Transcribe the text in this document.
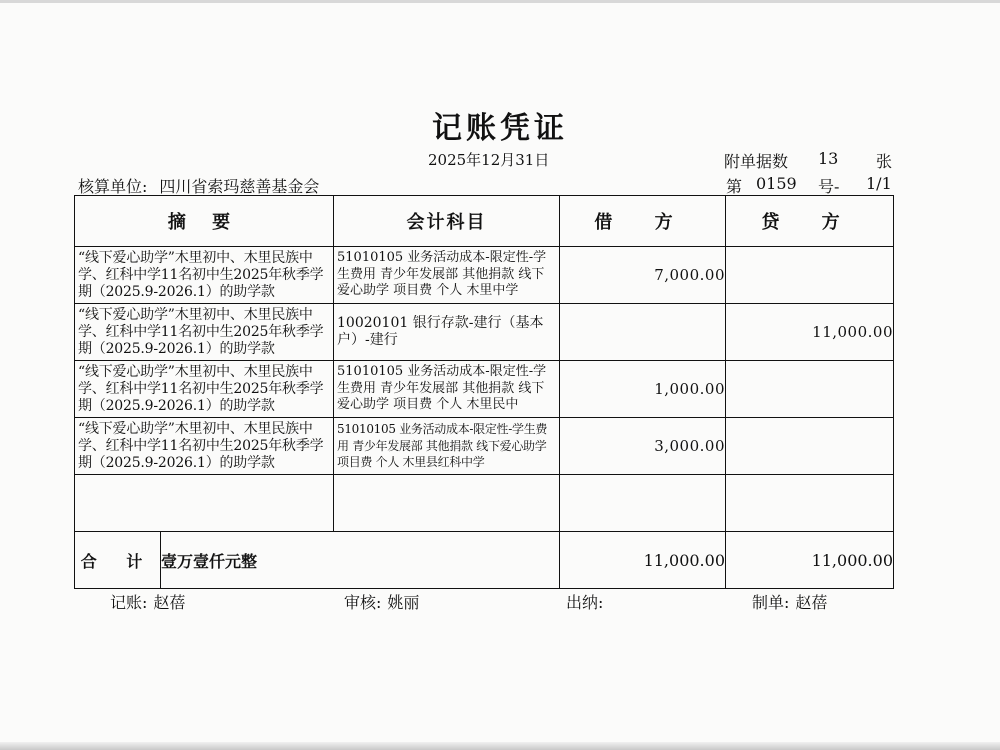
记账凭证
2025年12月31日	附单据数 13 张
核算单位: 四川省索玛慈善基金会	第 0159 号- 1/1
摘 要		会计科目	借 方	贷 方

“线下爱心助学”木里初中、木里民族中学、红科中学11名初中生2025年秋季学期（2025.9-2026.1）的助学款		51010105 业务活动成本-限定性-学生费用 青少年发展部 其他捐款 线下爱心助学 项目费 个人 木里中学	7,000.00	

“线下爱心助学”木里初中、木里民族中学、红科中学11名初中生2025年秋季学期（2025.9-2026.1）的助学款		10020101 银行存款-建行（基本户）-建行		11,000.00

“线下爱心助学”木里初中、木里民族中学、红科中学11名初中生2025年秋季学期（2025.9-2026.1）的助学款		51010105 业务活动成本-限定性-学生费用 青少年发展部 其他捐款 线下爱心助学 项目费 个人 木里民中	1,000.00	

“线下爱心助学”木里初中、木里民族中学、红科中学11名初中生2025年秋季学期（2025.9-2026.1）的助学款		51010105 业务活动成本-限定性-学生费用 青少年发展部 其他捐款 线下爱心助学 项目费 个人 木里县红科中学	3,000.00	

合 计	壹万壹仟元整		11,000.00	11,000.00
记账: 赵蓓	审核: 姚丽	出纳:	制单: 赵蓓
